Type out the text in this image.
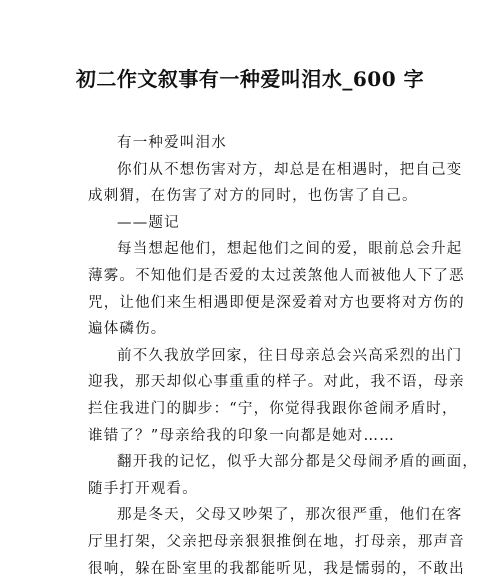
初二作文叙事有一种爱叫泪水_600 字

有一种爱叫泪水

你们从不想伤害对方，却总是在相遇时，把自己变
成刺猬，在伤害了对方的同时，也伤害了自己。

——题记

每当想起他们，想起他们之间的爱，眼前总会升起
薄雾。不知他们是否爱的太过羡煞他人而被他人下了恶
咒，让他们来生相遇即便是深爱着对方也要将对方伤的
遍体磷伤。

前不久我放学回家，往日母亲总会兴高采烈的出门
迎我，那天却似心事重重的样子。对此，我不语，母亲
拦住我进门的脚步：“宁，你觉得我跟你爸闹矛盾时，
谁错了？”母亲给我的印象一向都是她对……

翻开我的记忆，似乎大部分都是父母闹矛盾的画面，
随手打开观看。

那是冬天，父母又吵架了，那次很严重，他们在客
厅里打架，父亲把母亲狠狠推倒在地，打母亲，那声音
很响，躲在卧室里的我都能听见，我是懦弱的，不敢出
